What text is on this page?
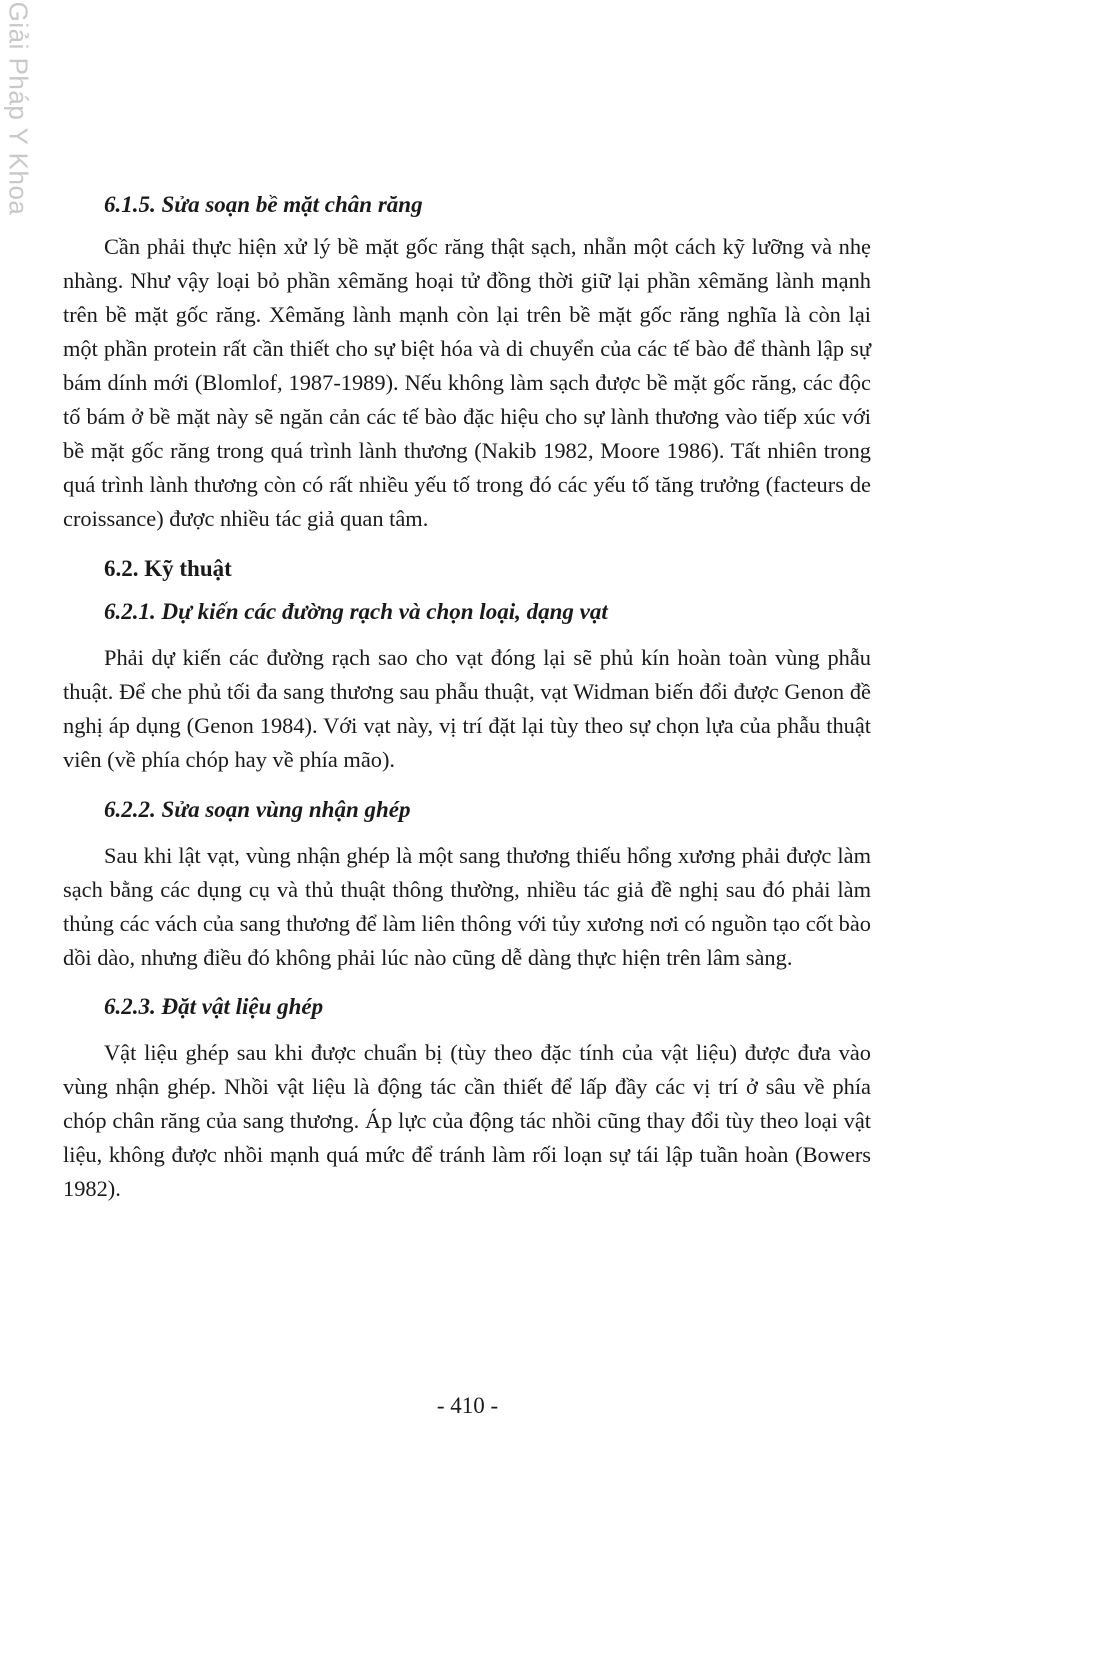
Giải Pháp Y Khoa	6.1.5. Sửa soạn bề mặt chân răng

Cần phải thực hiện xử lý bề mặt gốc răng thật sạch, nhẵn một cách kỹ lưỡng và nhẹ nhàng. Như vậy loại bỏ phần xêmăng hoại tử đồng thời giữ lại phần xêmăng lành mạnh trên bề mặt gốc răng. Xêmăng lành mạnh còn lại trên bề mặt gốc răng nghĩa là còn lại một phần protein rất cần thiết cho sự biệt hóa và di chuyển của các tế bào để thành lập sự bám dính mới (Blomlof, 1987-1989). Nếu không làm sạch được bề mặt gốc răng, các độc tố bám ở bề mặt này sẽ ngăn cản các tế bào đặc hiệu cho sự lành thương vào tiếp xúc với bề mặt gốc răng trong quá trình lành thương (Nakib 1982, Moore 1986). Tất nhiên trong quá trình lành thương còn có rất nhiều yếu tố trong đó các yếu tố tăng trưởng (facteurs de croissance) được nhiều tác giả quan tâm.

6.2. Kỹ thuật
6.2.1. Dự kiến các đường rạch và chọn loại, dạng vạt

Phải dự kiến các đường rạch sao cho vạt đóng lại sẽ phủ kín hoàn toàn vùng phẫu thuật. Để che phủ tối đa sang thương sau phẫu thuật, vạt Widman biến đổi được Genon đề nghị áp dụng (Genon 1984). Với vạt này, vị trí đặt lại tùy theo sự chọn lựa của phẫu thuật viên (về phía chóp hay về phía mão).

6.2.2. Sửa soạn vùng nhận ghép

Sau khi lật vạt, vùng nhận ghép là một sang thương thiếu hổng xương phải được làm sạch bằng các dụng cụ và thủ thuật thông thường, nhiều tác giả đề nghị sau đó phải làm thủng các vách của sang thương để làm liên thông với tủy xương nơi có nguồn tạo cốt bào dồi dào, nhưng điều đó không phải lúc nào cũng dễ dàng thực hiện trên lâm sàng.

6.2.3. Đặt vật liệu ghép

Vật liệu ghép sau khi được chuẩn bị (tùy theo đặc tính của vật liệu) được đưa vào vùng nhận ghép. Nhồi vật liệu là động tác cần thiết để lấp đầy các vị trí ở sâu về phía chóp chân răng của sang thương. Áp lực của động tác nhồi cũng thay đổi tùy theo loại vật liệu, không được nhồi mạnh quá mức để tránh làm rối loạn sự tái lập tuần hoàn (Bowers 1982).

- 410 -
